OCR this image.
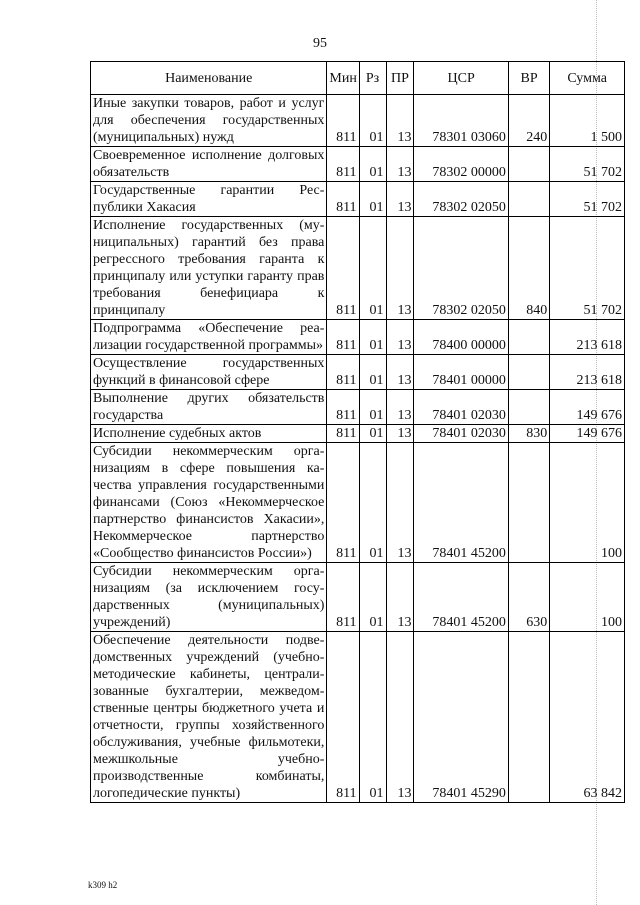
95
Наименование	Мин	Рз	ПР	ЦСР	ВР	Сумма
Иные закупки товаров, работ и услуг для обеспечения государственных (муниципальных) нужд	811	01	13	78301 03060	240	1 500
Своевременное исполнение долговых обязательств	811	01	13	78302 00000		51 702
Государственные гарантии Республики Хакасия	811	01	13	78302 02050		51 702
Исполнение государственных (муниципальных) гарантий без права регрессного требования гаранта к принципалу или уступки гаранту прав требования бенефициара к принципалу	811	01	13	78302 02050	840	51 702
Подпрограмма «Обеспечение реализации государственной программы»	811	01	13	78400 00000		213 618
Осуществление государственных функций в финансовой сфере	811	01	13	78401 00000		213 618
Выполнение других обязательств государства	811	01	13	78401 02030		149 676
Исполнение судебных актов	811	01	13	78401 02030	830	149 676
Субсидии некоммерческим организациям в сфере повышения качества управления государственными финансами (Союз «Некоммерческое партнерство финансистов Хакасии», Некоммерческое партнерство «Сообщество финансистов России»)	811	01	13	78401 45200		100
Субсидии некоммерческим организациям (за исключением государственных (муниципальных) учреждений)	811	01	13	78401 45200	630	100
Обеспечение деятельности подведомственных учреждений (учебно-методические кабинеты, централизованные бухгалтерии, межведомственные центры бюджетного учета и отчетности, группы хозяйственного обслуживания, учебные фильмотеки, межшкольные учебно-производственные комбинаты, логопедические пункты)	811	01	13	78401 45290		63 842
k309 h2
